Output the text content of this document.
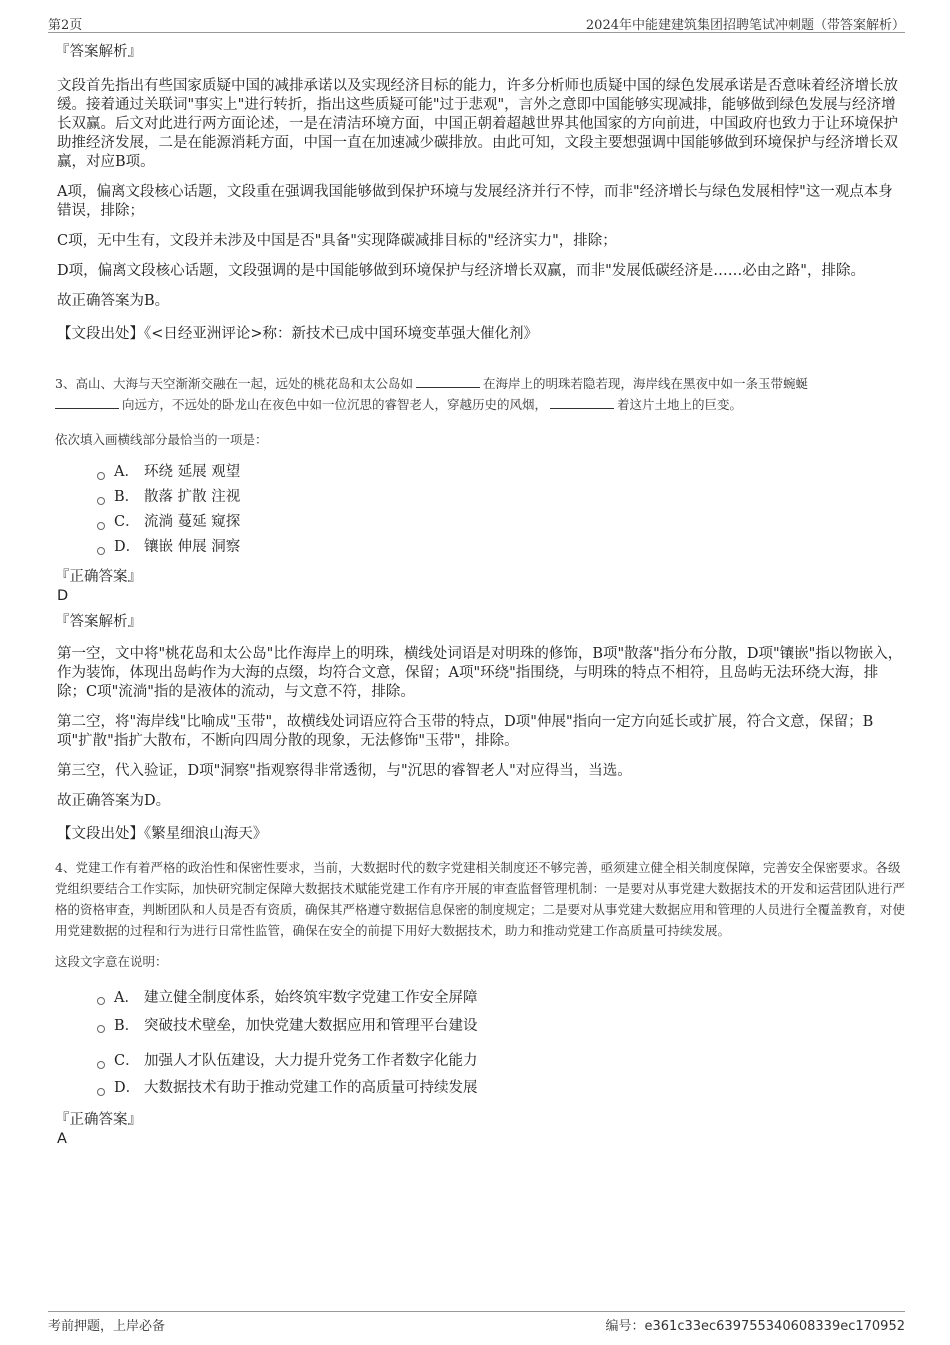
第2页	2024年中能建建筑集团招聘笔试冲刺题（带答案解析）
『答案解析』

文段首先指出有些国家质疑中国的减排承诺以及实现经济目标的能力，许多分析师也质疑中国的绿色发展承诺是否意味着经济增长放缓。接着通过关联词"事实上"进行转折，指出这些质疑可能"过于悲观"，言外之意即中国能够实现减排，能够做到绿色发展与经济增长双赢。后文对此进行两方面论述，一是在清洁环境方面，中国正朝着超越世界其他国家的方向前进，中国政府也致力于让环境保护助推经济发展，二是在能源消耗方面，中国一直在加速减少碳排放。由此可知，文段主要想强调中国能够做到环境保护与经济增长双赢，对应B项。

A项，偏离文段核心话题，文段重在强调我国能够做到保护环境与发展经济并行不悖，而非"经济增长与绿色发展相悖"这一观点本身错误，排除；

C项，无中生有，文段并未涉及中国是否"具备"实现降碳减排目标的"经济实力"，排除；

D项，偏离文段核心话题，文段强调的是中国能够做到环境保护与经济增长双赢，而非"发展低碳经济是……必由之路"，排除。

故正确答案为B。

【文段出处】《<日经亚洲评论>称：新技术已成中国环境变革强大催化剂》

3、高山、大海与天空渐渐交融在一起，远处的桃花岛和太公岛如	在海岸上的明珠若隐若现，海岸线在黑夜中如一条玉带蜿蜒
向远方，不远处的卧龙山在夜色中如一位沉思的睿智老人，穿越历史的风烟，	着这片土地上的巨变。

依次填入画横线部分最恰当的一项是：

A． 环绕 延展 观望
B． 散落 扩散 注视
C． 流淌 蔓延 窥探
D． 镶嵌 伸展 洞察
『正确答案』
D
『答案解析』

第一空，文中将"桃花岛和太公岛"比作海岸上的明珠，横线处词语是对明珠的修饰，B项"散落"指分布分散，D项"镶嵌"指以物嵌入，作为装饰，体现出岛屿作为大海的点缀，均符合文意，保留；A项"环绕"指围绕，与明珠的特点不相符，且岛屿无法环绕大海，排除；C项"流淌"指的是液体的流动，与文意不符，排除。

第二空，将"海岸线"比喻成"玉带"，故横线处词语应符合玉带的特点，D项"伸展"指向一定方向延长或扩展，符合文意，保留；B项"扩散"指扩大散布，不断向四周分散的现象，无法修饰"玉带"，排除。

第三空，代入验证，D项"洞察"指观察得非常透彻，与"沉思的睿智老人"对应得当，当选。

故正确答案为D。

【文段出处】《繁星细浪山海天》

4、党建工作有着严格的政治性和保密性要求，当前，大数据时代的数字党建相关制度还不够完善，亟须建立健全相关制度保障，完善安全保密要求。各级党组织要结合工作实际，加快研究制定保障大数据技术赋能党建工作有序开展的审查监督管理机制：一是要对从事党建大数据技术的开发和运营团队进行严格的资格审查，判断团队和人员是否有资质，确保其严格遵守数据信息保密的制度规定；二是要对从事党建大数据应用和管理的人员进行全覆盖教育，对使用党建数据的过程和行为进行日常性监管，确保在安全的前提下用好大数据技术，助力和推动党建工作高质量可持续发展。

这段文字意在说明：

A． 建立健全制度体系，始终筑牢数字党建工作安全屏障
B． 突破技术壁垒，加快党建大数据应用和管理平台建设
C． 加强人才队伍建设，大力提升党务工作者数字化能力
D． 大数据技术有助于推动党建工作的高质量可持续发展
『正确答案』
A
考前押题，上岸必备	编号：e361c33ec639755340608339ec170952
